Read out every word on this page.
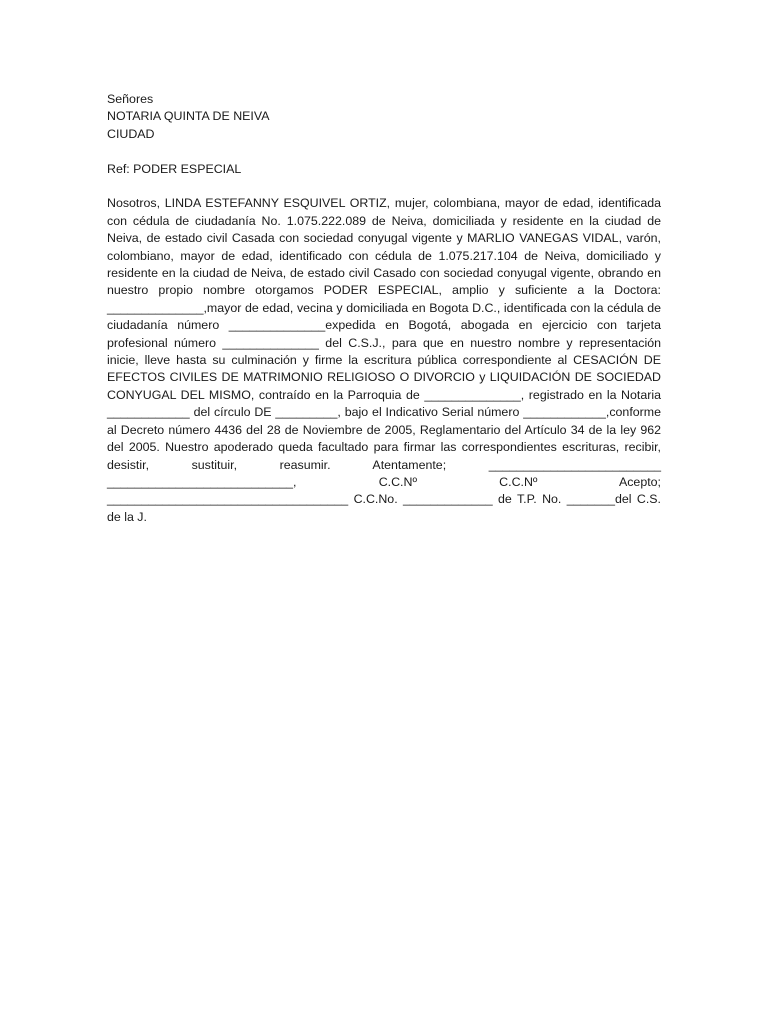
Señores
NOTARIA QUINTA DE NEIVA
CIUDAD
Ref: PODER ESPECIAL

Nosotros, LINDA ESTEFANNY ESQUIVEL ORTIZ, mujer, colombiana, mayor de edad, identificada con cédula de ciudadanía No. 1.075.222.089 de Neiva, domiciliada y residente en la ciudad de Neiva, de estado civil Casada con sociedad conyugal vigente y MARLIO VANEGAS VIDAL, varón, colombiano, mayor de edad, identificado con cédula de 1.075.217.104 de Neiva, domiciliado y residente en la ciudad de Neiva, de estado civil Casado con sociedad conyugal vigente, obrando en nuestro propio nombre otorgamos PODER ESPECIAL, amplio y suficiente a la Doctora: ______________,mayor de edad, vecina y domiciliada en Bogota D.C., identificada con la cédula de ciudadanía número ______________expedida en Bogotá, abogada en ejercicio con tarjeta profesional número ______________ del C.S.J., para que en nuestro nombre y representación inicie, lleve hasta su culminación y firme la escritura pública correspondiente al CESACIÓN DE EFECTOS CIVILES DE MATRIMONIO RELIGIOSO O DIVORCIO y LIQUIDACIÓN DE SOCIEDAD CONYUGAL DEL MISMO, contraído en la Parroquia de ______________, registrado en la Notaria ____________ del círculo DE _________, bajo el Indicativo Serial número ____________,conforme al Decreto número 4436 del 28 de Noviembre de 2005, Reglamentario del Artículo 34 de la ley 962 del 2005. Nuestro apoderado queda facultado para firmar las correspondientes escrituras, recibir, desistir, sustituir, reasumir. Atentamente; _________________________ ___________________________, C.C.Nº C.C.Nº Acepto; ___________________________________ C.C.No. _____________ de T.P. No. _______del C.S. de la J.
